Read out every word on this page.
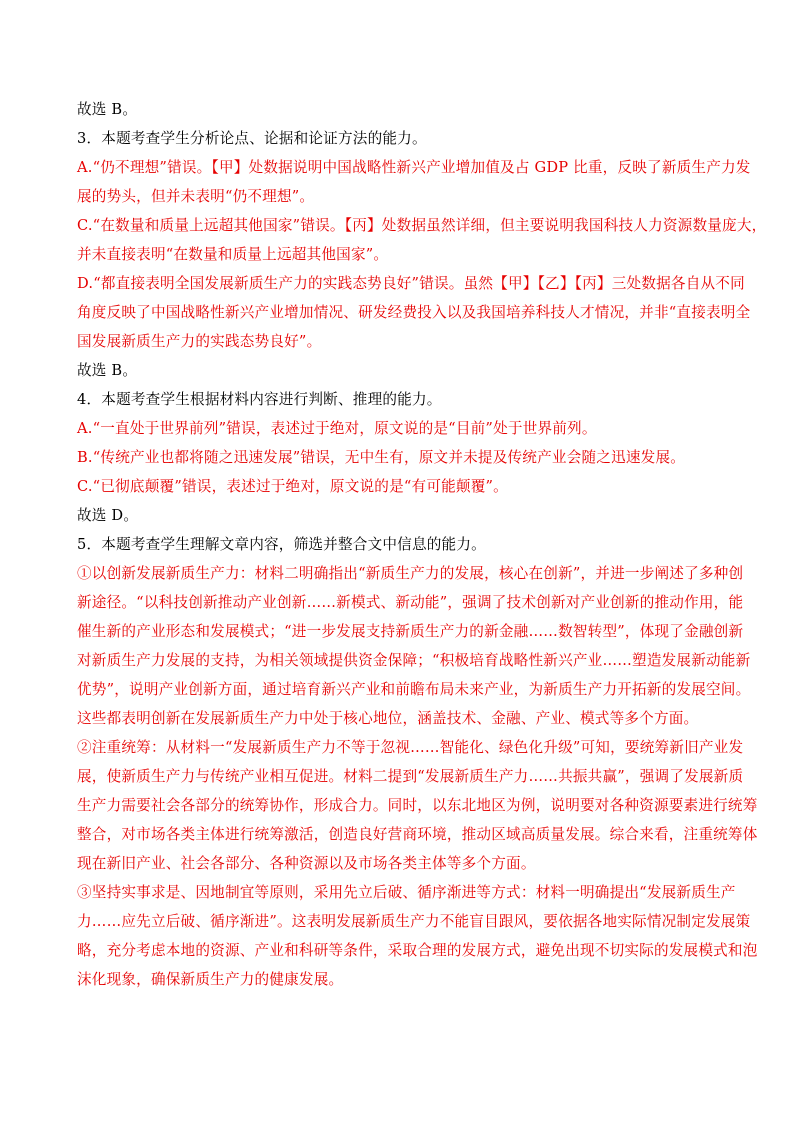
故选 B。
3．本题考查学生分析论点、论据和论证方法的能力。
A.“仍不理想”错误。【甲】处数据说明中国战略性新兴产业增加值及占 GDP 比重，反映了新质生产力发
展的势头，但并未表明“仍不理想”。
C.“在数量和质量上远超其他国家”错误。【丙】处数据虽然详细，但主要说明我国科技人力资源数量庞大，
并未直接表明“在数量和质量上远超其他国家”。
D.“都直接表明全国发展新质生产力的实践态势良好”错误。虽然【甲】【乙】【丙】三处数据各自从不同
角度反映了中国战略性新兴产业增加情况、研发经费投入以及我国培养科技人才情况，并非“直接表明全
国发展新质生产力的实践态势良好”。
故选 B。
4．本题考查学生根据材料内容进行判断、推理的能力。
A.“一直处于世界前列”错误，表述过于绝对，原文说的是“目前”处于世界前列。
B.“传统产业也都将随之迅速发展”错误，无中生有，原文并未提及传统产业会随之迅速发展。
C.“已彻底颠覆”错误，表述过于绝对，原文说的是“有可能颠覆”。
故选 D。
5．本题考查学生理解文章内容，筛选并整合文中信息的能力。
①以创新发展新质生产力：材料二明确指出“新质生产力的发展，核心在创新”，并进一步阐述了多种创
新途径。“以科技创新推动产业创新……新模式、新动能”，强调了技术创新对产业创新的推动作用，能
催生新的产业形态和发展模式；“进一步发展支持新质生产力的新金融……数智转型”，体现了金融创新
对新质生产力发展的支持，为相关领域提供资金保障；“积极培育战略性新兴产业……塑造发展新动能新
优势”，说明产业创新方面，通过培育新兴产业和前瞻布局未来产业，为新质生产力开拓新的发展空间。
这些都表明创新在发展新质生产力中处于核心地位，涵盖技术、金融、产业、模式等多个方面。
②注重统筹：从材料一“发展新质生产力不等于忽视……智能化、绿色化升级”可知，要统筹新旧产业发
展，使新质生产力与传统产业相互促进。材料二提到“发展新质生产力……共振共赢”，强调了发展新质
生产力需要社会各部分的统筹协作，形成合力。同时，以东北地区为例，说明要对各种资源要素进行统筹
整合，对市场各类主体进行统筹激活，创造良好营商环境，推动区域高质量发展。综合来看，注重统筹体
现在新旧产业、社会各部分、各种资源以及市场各类主体等多个方面。
③坚持实事求是、因地制宜等原则，采用先立后破、循序渐进等方式：材料一明确提出“发展新质生产
力……应先立后破、循序渐进”。这表明发展新质生产力不能盲目跟风，要依据各地实际情况制定发展策
略，充分考虑本地的资源、产业和科研等条件，采取合理的发展方式，避免出现不切实际的发展模式和泡
沫化现象，确保新质生产力的健康发展。
